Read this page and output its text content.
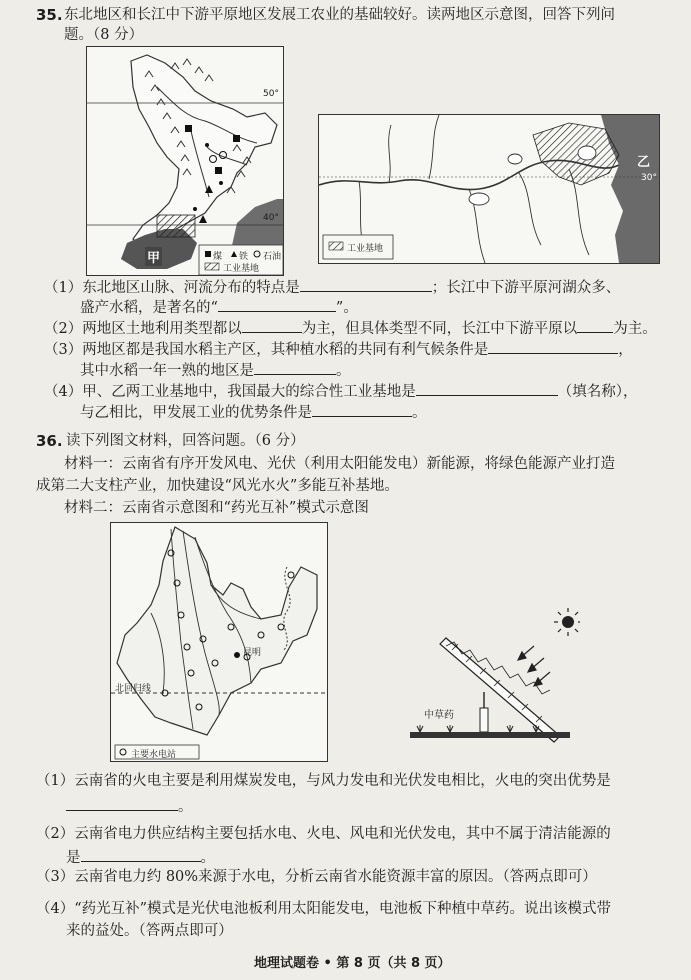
35. 东北地区和长江中下游平原地区发展工农业的基础较好。读两地区示意图，回答下列问
题。（8 分）
50°
40°
甲	煤 铁 石油
工业基地
乙
30°
工业基地
（1）东北地区山脉、河流分布的特点是	；长江中下游平原河湖众多、
盛产水稻，是著名的“	”。
（2）两地区土地利用类型都以	为主，但具体类型不同，长江中下游平原以 为主。
（3）两地区都是我国水稻主产区，其种植水稻的共同有利气候条件是	，
其中水稻一年一熟的地区是	。
（4）甲、乙两工业基地中，我国最大的综合性工业基地是	（填名称），
与乙相比，甲发展工业的优势条件是	。
36. 读下列图文材料，回答问题。（6 分）
材料一：云南省有序开发风电、光伏（利用太阳能发电）新能源，将绿色能源产业打造
成第二大支柱产业，加快建设“风光水火”多能互补基地。
材料二：云南省示意图和“药光互补”模式示意图
昆明
北回归线
主要水电站
中草药
（1）云南省的火电主要是利用煤炭发电，与风力发电和光伏发电相比，火电的突出优势是
。
（2）云南省电力供应结构主要包括水电、火电、风电和光伏发电，其中不属于清洁能源的
是	。
（3）云南省电力约 80%来源于水电，分析云南省水能资源丰富的原因。（答两点即可）
（4）“药光互补”模式是光伏电池板利用太阳能发电，电池板下种植中草药。说出该模式带
来的益处。（答两点即可）
地理试题卷 • 第 8 页（共 8 页）
